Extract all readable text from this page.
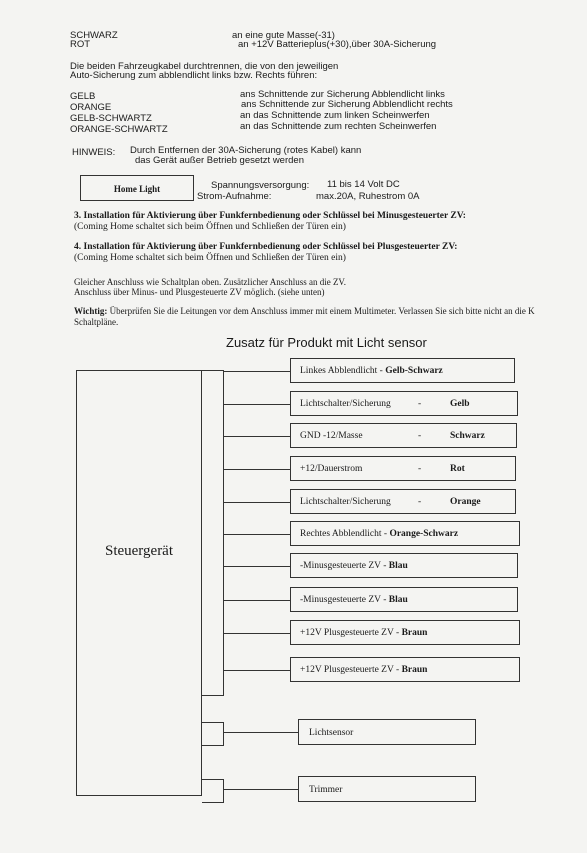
SCHWARZ	an eine gute Masse(-31)
ROT	an +12V Batterieplus(+30),über 30A-Sicherung
Die beiden Fahrzeugkabel durchtrennen, die von den jeweiligen
Auto-Sicherung zum abblendlicht links bzw. Rechts führen:
GELB	ans Schnittende zur Sicherung Abblendlicht links
ORANGE	ans Schnittende zur Sicherung Abblendlicht rechts
GELB-SCHWARTZ	an das Schnittende zum linken Scheinwerfen
ORANGE-SCHWARTZ	an das Schnittende zum rechten Scheinwerfen
HINWEIS: Durch Entfernen der 30A-Sicherung (rotes Kabel) kann
das Gerät außer Betrieb gesetzt werden
Home Light	Spannungsversorgung: 11 bis 14 Volt DC
Strom-Aufnahme:	max.20A, Ruhestrom 0A
3. Installation für Aktivierung über Funkfernbedienung oder Schlüssel bei Minusgesteuerter ZV:
(Coming Home schaltet sich beim Öffnen und Schließen der Türen ein)
4. Installation für Aktivierung über Funkfernbedienung oder Schlüssel bei Plusgesteuerter ZV:
(Coming Home schaltet sich beim Öffnen und Schließen der Türen ein)
Gleicher Anschluss wie Schaltplan oben. Zusätzlicher Anschluss an die ZV.
Anschluss über Minus- und Plusgesteuerte ZV möglich. (siehe unten)
Wichtig: Überprüfen Sie die Leitungen vor dem Anschluss immer mit einem Multimeter. Verlassen Sie sich bitte nicht an die K
Schaltpläne.
Zusatz für Produkt mit Licht sensor
Steuergerät
Linkes Abblendlicht - Gelb-Schwarz
Lichtschalter/Sicherung	-	Gelb
GND -12/Masse	-	Schwarz
+12/Dauerstrom	-	Rot
Lichtschalter/Sicherung	-	Orange
Rechtes Abblendlicht - Orange-Schwarz
-Minusgesteuerte ZV - Blau
-Minusgesteuerte ZV - Blau
+12V Plusgesteuerte ZV - Braun
+12V Plusgesteuerte ZV - Braun
Lichtsensor
Trimmer
